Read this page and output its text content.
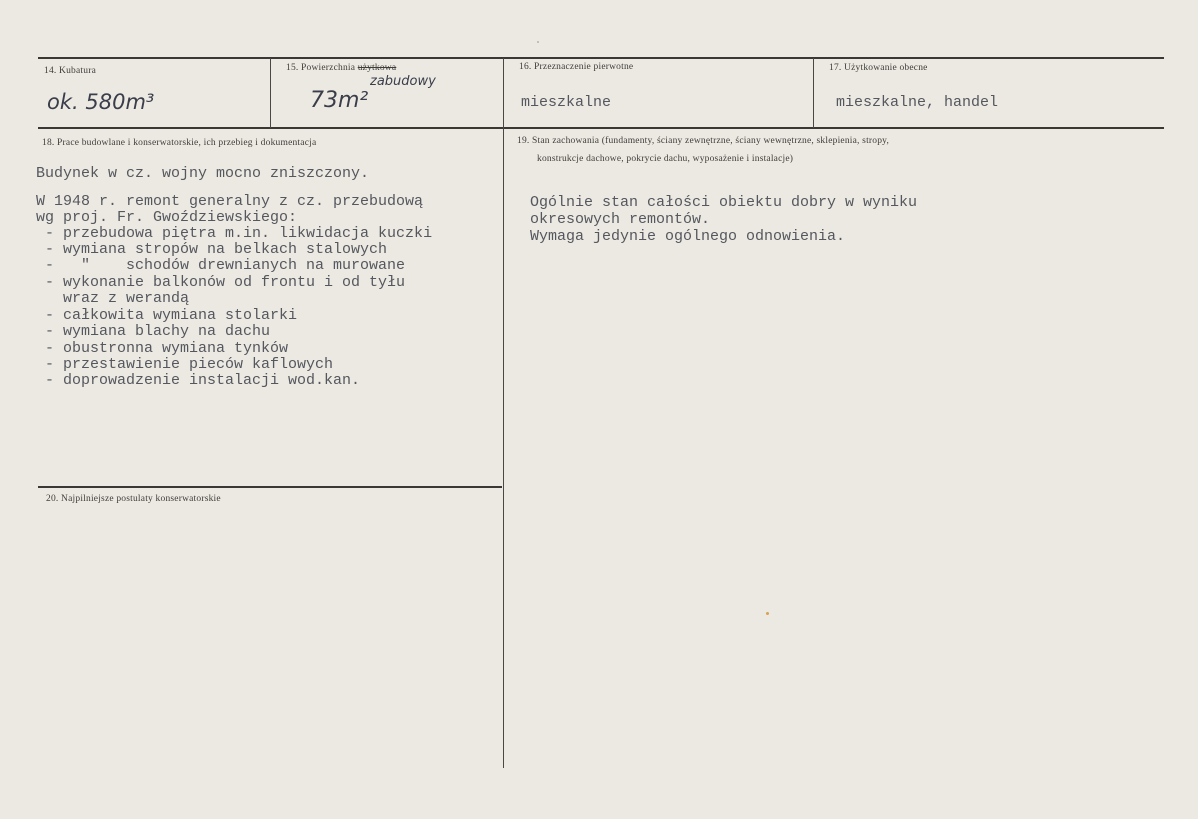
14. Kubatura
ok. 580m³
15. Powierzchnia użytkowa
zabudowy
73m²
16. Przeznaczenie pierwotne
mieszkalne
17. Użytkowanie obecne
mieszkalne, handel
18. Prace budowlane i konserwatorskie, ich przebieg i dokumentacja
Budynek w cz. wojny mocno zniszczony.
W 1948 r. remont generalny z cz. przebudową
wg proj. Fr. Gwoździewskiego:
- przebudowa piętra m.in. likwidacja kuczki
- wymiana stropów na belkach stalowych
-   "    schodów drewnianych na murowane
- wykonanie balkonów od frontu i od tyłu
wraz z werandą
- całkowita wymiana stolarki
- wymiana blachy na dachu
- obustronna wymiana tynków
- przestawienie pieców kaflowych
- doprowadzenie instalacji wod.kan.
19. Stan zachowania (fundamenty, ściany zewnętrzne, ściany wewnętrzne, sklepienia, stropy,
konstrukcje dachowe, pokrycie dachu, wyposażenie i instalacje)
Ogólnie stan całości obiektu dobry w wyniku
okresowych remontów.
Wymaga jedynie ogólnego odnowienia.
20. Najpilniejsze postulaty konserwatorskie
